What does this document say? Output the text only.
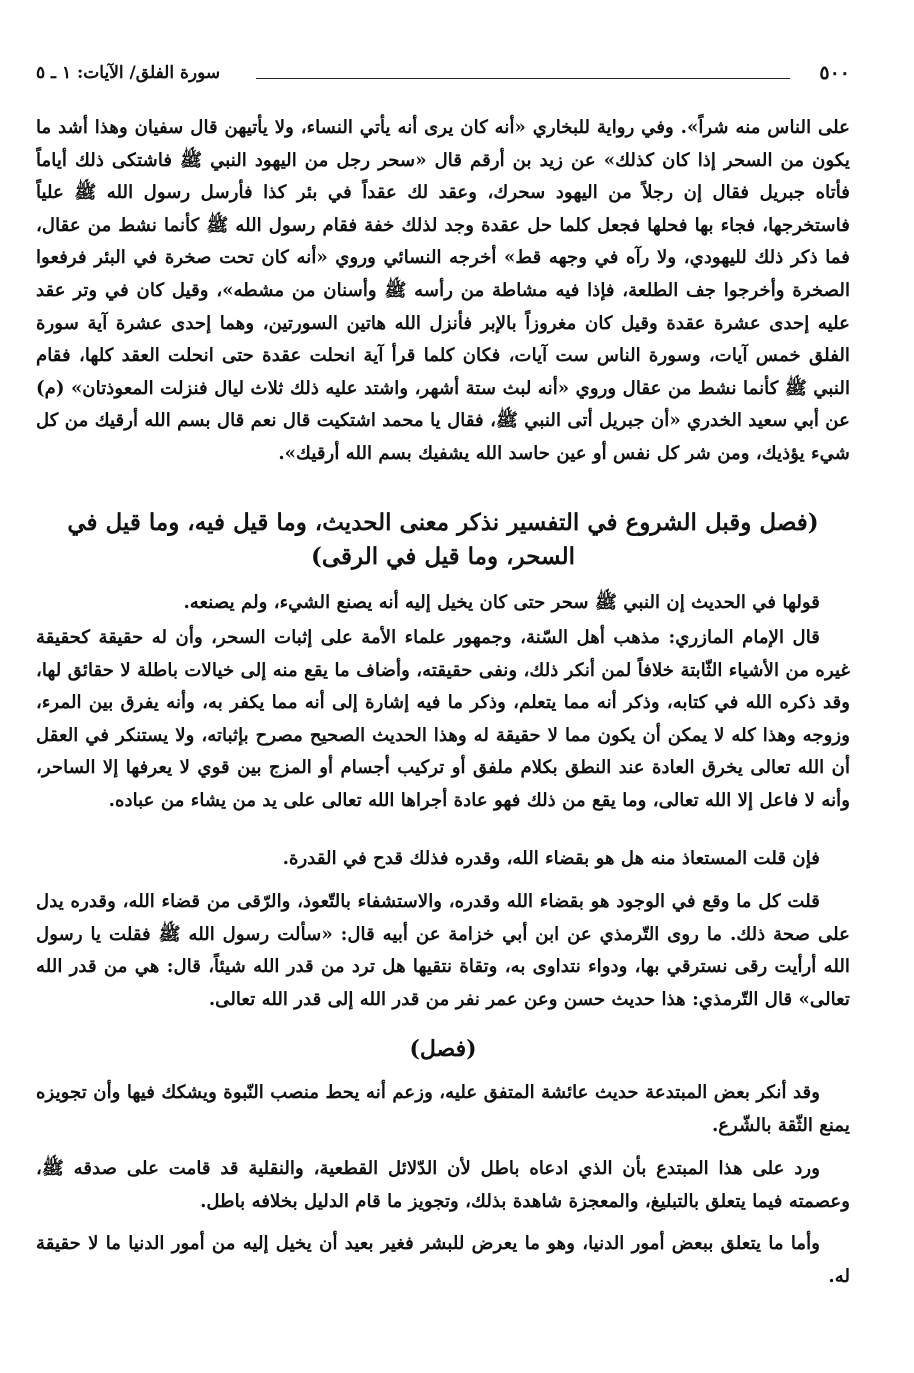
٥٠٠
سورة الفلق/ الآيات: ١ ـ ٥
على الناس منه شراً». وفي رواية للبخاري «أنه كان يرى أنه يأتي النساء، ولا يأتيهن قال سفيان وهذا أشد ما يكون من السحر إذا كان كذلك» عن زيد بن أرقم قال «سحر رجل من اليهود النبي ﷺ فاشتكى ذلك أياماً فأتاه جبريل فقال إن رجلاً من اليهود سحرك، وعقد لك عقداً في بئر كذا فأرسل رسول الله ﷺ علياً فاستخرجها، فجاء بها فحلها فجعل كلما حل عقدة وجد لذلك خفة فقام رسول الله ﷺ كأنما نشط من عقال، فما ذكر ذلك لليهودي، ولا رآه في وجهه قط» أخرجه النسائي وروي «أنه كان تحت صخرة في البئر فرفعوا الصخرة وأخرجوا جف الطلعة، فإذا فيه مشاطة من رأسه ﷺ وأسنان من مشطه»، وقيل كان في وتر عقد عليه إحدى عشرة عقدة وقيل كان مغروزاً بالإبر فأنزل الله هاتين السورتين، وهما إحدى عشرة آية سورة الفلق خمس آيات، وسورة الناس ست آيات، فكان كلما قرأ آية انحلت عقدة حتى انحلت العقد كلها، فقام النبي ﷺ كأنما نشط من عقال وروي «أنه لبث ستة أشهر، واشتد عليه ذلك ثلاث ليال فنزلت المعوذتان» (م) عن أبي سعيد الخدري «أن جبريل أتى النبي ﷺ، فقال يا محمد اشتكيت قال نعم قال بسم الله أرقيك من كل شيء يؤذيك، ومن شر كل نفس أو عين حاسد الله يشفيك بسم الله أرقيك».
(فصل وقبل الشروع في التفسير نذكر معنى الحديث، وما قيل فيه، وما قيل في السحر، وما قيل في الرقى)
قولها في الحديث إن النبي ﷺ سحر حتى كان يخيل إليه أنه يصنع الشيء، ولم يصنعه.
قال الإمام المازري: مذهب أهل السّنة، وجمهور علماء الأمة على إثبات السحر، وأن له حقيقة كحقيقة غيره من الأشياء الثّابتة خلافاً لمن أنكر ذلك، ونفى حقيقته، وأضاف ما يقع منه إلى خيالات باطلة لا حقائق لها، وقد ذكره الله في كتابه، وذكر أنه مما يتعلم، وذكر ما فيه إشارة إلى أنه مما يكفر به، وأنه يفرق بين المرء، وزوجه وهذا كله لا يمكن أن يكون مما لا حقيقة له وهذا الحديث الصحيح مصرح بإثباته، ولا يستنكر في العقل أن الله تعالى يخرق العادة عند النطق بكلام ملفق أو تركيب أجسام أو المزج بين قوي لا يعرفها إلا الساحر، وأنه لا فاعل إلا الله تعالى، وما يقع من ذلك فهو عادة أجراها الله تعالى على يد من يشاء من عباده.
فإن قلت المستعاذ منه هل هو بقضاء الله، وقدره فذلك قدح في القدرة.
قلت كل ما وقع في الوجود هو بقضاء الله وقدره، والاستشفاء بالتّعوذ، والرّقى من قضاء الله، وقدره يدل على صحة ذلك. ما روى التّرمذي عن ابن أبي خزامة عن أبيه قال: «سألت رسول الله ﷺ فقلت يا رسول الله أرأيت رقى نسترقي بها، ودواء نتداوى به، وتقاة نتقيها هل ترد من قدر الله شيئاً، قال: هي من قدر الله تعالى» قال التّرمذي: هذا حديث حسن وعن عمر نفر من قدر الله إلى قدر الله تعالى.
(فصل)
وقد أنكر بعض المبتدعة حديث عائشة المتفق عليه، وزعم أنه يحط منصب النّبوة ويشكك فيها وأن تجويزه يمنع الثّقة بالشّرع.
ورد على هذا المبتدع بأن الذي ادعاه باطل لأن الدّلائل القطعية، والنقلية قد قامت على صدقه ﷺ، وعصمته فيما يتعلق بالتبليغ، والمعجزة شاهدة بذلك، وتجويز ما قام الدليل بخلافه باطل.
وأما ما يتعلق ببعض أمور الدنيا، وهو ما يعرض للبشر فغير بعيد أن يخيل إليه من أمور الدنيا ما لا حقيقة له.
